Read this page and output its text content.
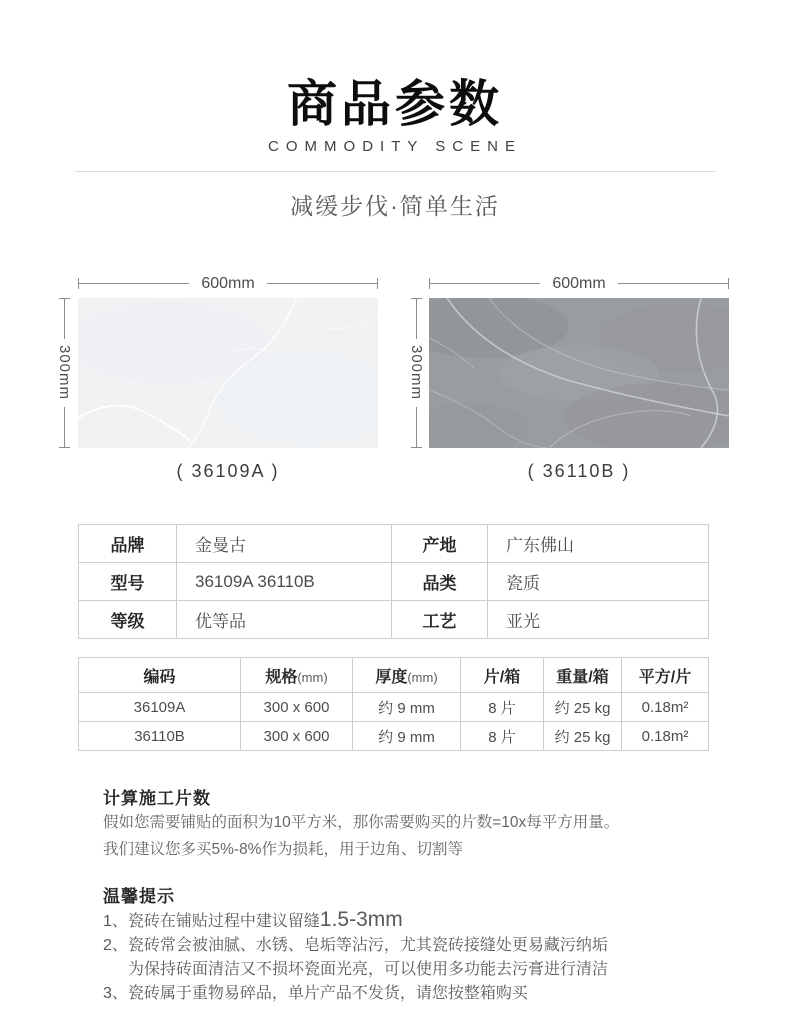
商品参数
COMMODITY SCENE
减缓步伐·简单生活
600mm
300mm
( 36109A )
600mm
300mm
( 36110B )
品牌	金曼古	产地	广东佛山
型号	36109A 36110B	品类	瓷质
等级	优等品	工艺	亚光
编码	规格(mm)	厚度(mm)	片/箱	重量/箱	平方/片
36109A	300 x 600	约 9 mm	8 片	约 25 kg	0.18m²
36110B	300 x 600	约 9 mm	8 片	约 25 kg	0.18m²
计算施工片数
假如您需要铺贴的面积为10平方米，那你需要购买的片数=10x每平方用量。
我们建议您多买5%-8%作为损耗，用于边角、切割等
温馨提示
1、瓷砖在铺贴过程中建议留缝1.5-3mm
2、瓷砖常会被油腻、水锈、皂垢等沾污，尤其瓷砖接缝处更易藏污纳垢
为保持砖面清洁又不损坏瓷面光亮，可以使用多功能去污膏进行清洁
3、瓷砖属于重物易碎品，单片产品不发货，请您按整箱购买
